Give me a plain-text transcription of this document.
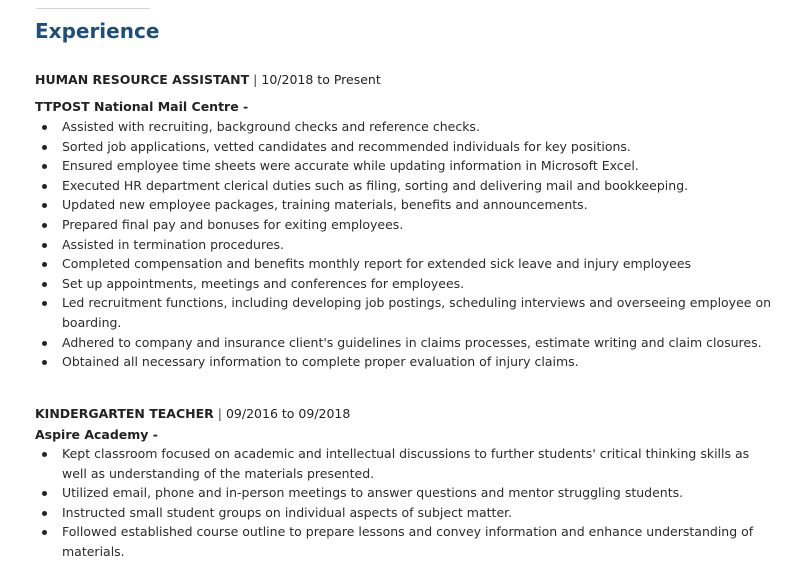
Experience
HUMAN RESOURCE ASSISTANT | 10/2018 to Present
TTPOST National Mail Centre -
Assisted with recruiting, background checks and reference checks.
Sorted job applications, vetted candidates and recommended individuals for key positions.
Ensured employee time sheets were accurate while updating information in Microsoft Excel.
Executed HR department clerical duties such as filing, sorting and delivering mail and bookkeeping.
Updated new employee packages, training materials, benefits and announcements.
Prepared final pay and bonuses for exiting employees.
Assisted in termination procedures.
Completed compensation and benefits monthly report for extended sick leave and injury employees
Set up appointments, meetings and conferences for employees.
Led recruitment functions, including developing job postings, scheduling interviews and overseeing employee on boarding.
Adhered to company and insurance client's guidelines in claims processes, estimate writing and claim closures.
Obtained all necessary information to complete proper evaluation of injury claims.
KINDERGARTEN TEACHER | 09/2016 to 09/2018
Aspire Academy -
Kept classroom focused on academic and intellectual discussions to further students' critical thinking skills as well as understanding of the materials presented.
Utilized email, phone and in-person meetings to answer questions and mentor struggling students.
Instructed small student groups on individual aspects of subject matter.
Followed established course outline to prepare lessons and convey information and enhance understanding of materials.
